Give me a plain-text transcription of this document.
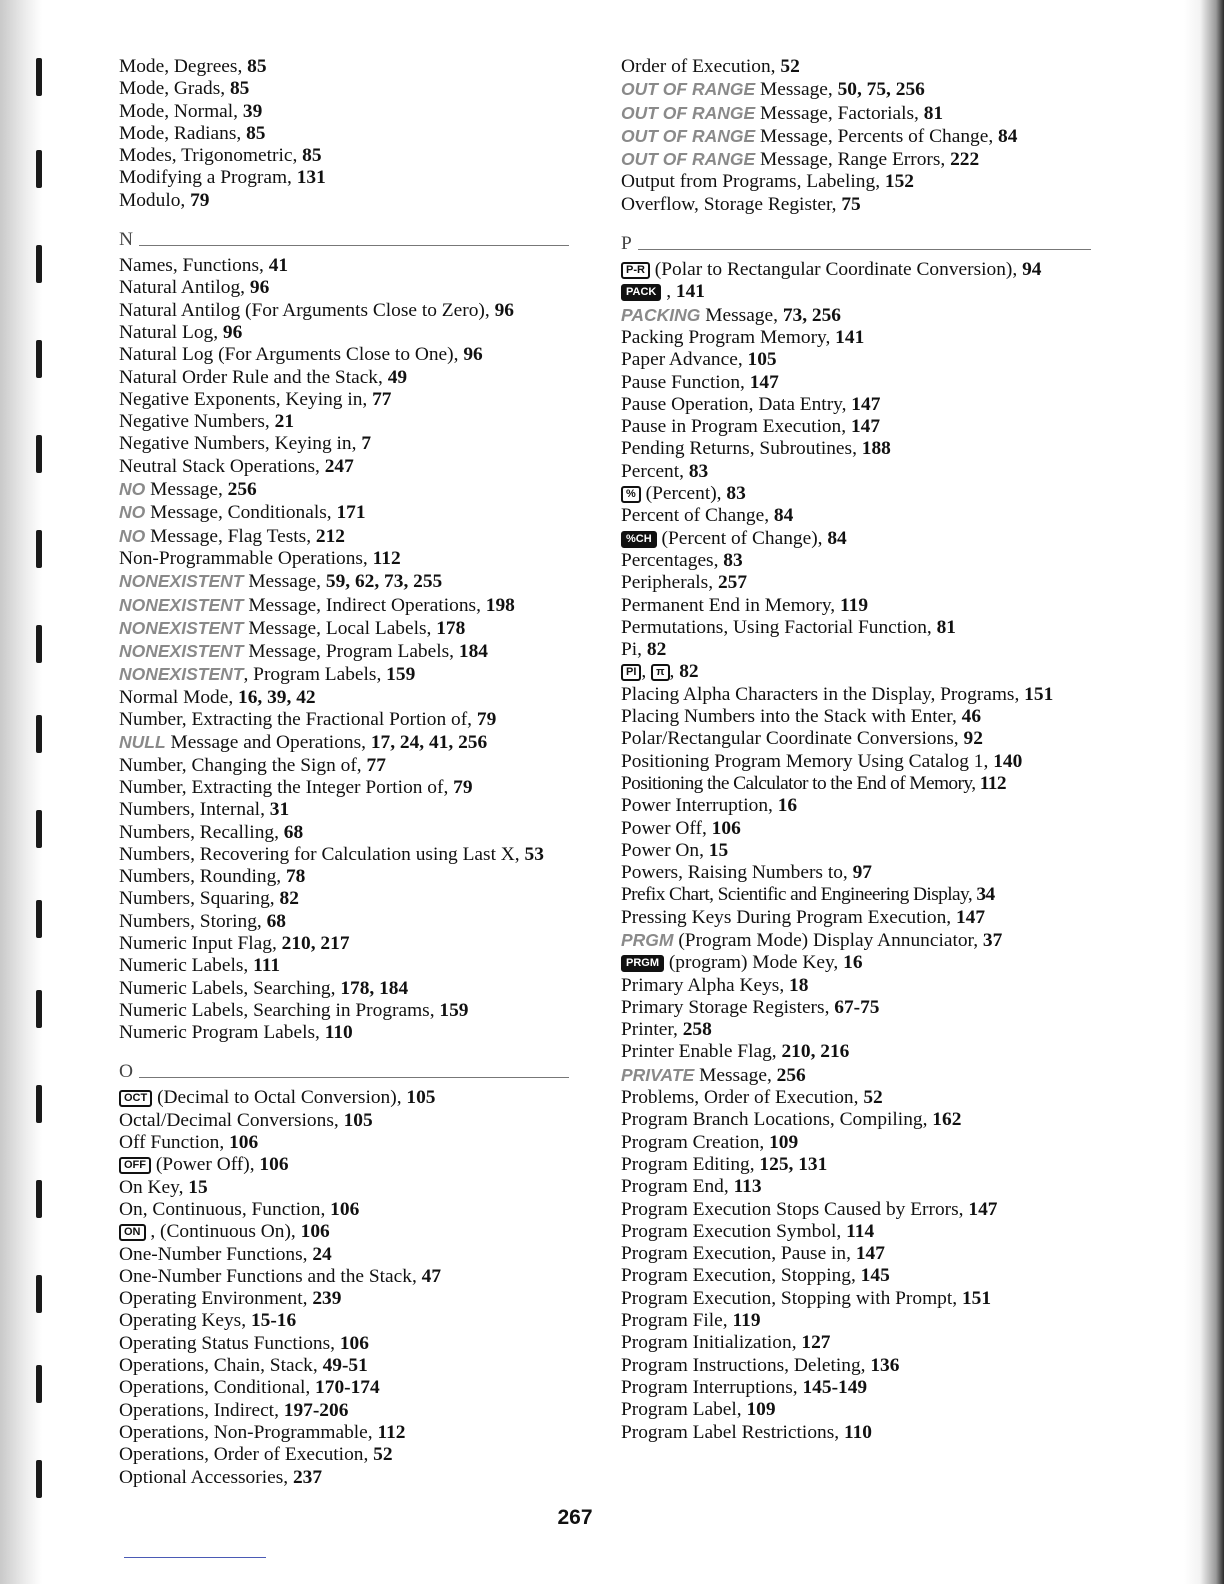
Mode, Degrees, 85
Mode, Grads, 85
Mode, Normal, 39
Mode, Radians, 85
Modes, Trigonometric, 85
Modifying a Program, 131
Modulo, 79
N
Names, Functions, 41
Natural Antilog, 96
Natural Antilog (For Arguments Close to Zero), 96
Natural Log, 96
Natural Log (For Arguments Close to One), 96
Natural Order Rule and the Stack, 49
Negative Exponents, Keying in, 77
Negative Numbers, 21
Negative Numbers, Keying in, 7
Neutral Stack Operations, 247
NO Message, 256
NO Message, Conditionals, 171
NO Message, Flag Tests, 212
Non-Programmable Operations, 112
NONEXISTENT Message, 59, 62, 73, 255
NONEXISTENT Message, Indirect Operations, 198
NONEXISTENT Message, Local Labels, 178
NONEXISTENT Message, Program Labels, 184
NONEXISTENT, Program Labels, 159
Normal Mode, 16, 39, 42
Number, Extracting the Fractional Portion of, 79
NULL Message and Operations, 17, 24, 41, 256
Number, Changing the Sign of, 77
Number, Extracting the Integer Portion of, 79
Numbers, Internal, 31
Numbers, Recalling, 68
Numbers, Recovering for Calculation using Last X, 53
Numbers, Rounding, 78
Numbers, Squaring, 82
Numbers, Storing, 68
Numeric Input Flag, 210, 217
Numeric Labels, 111
Numeric Labels, Searching, 178, 184
Numeric Labels, Searching in Programs, 159
Numeric Program Labels, 110
O
OCT (Decimal to Octal Conversion), 105
Octal/Decimal Conversions, 105
Off Function, 106
OFF (Power Off), 106
On Key, 15
On, Continuous, Function, 106
ON , (Continuous On), 106
One-Number Functions, 24
One-Number Functions and the Stack, 47
Operating Environment, 239
Operating Keys, 15-16
Operating Status Functions, 106
Operations, Chain, Stack, 49-51
Operations, Conditional, 170-174
Operations, Indirect, 197-206
Operations, Non-Programmable, 112
Operations, Order of Execution, 52
Optional Accessories, 237
Order of Execution, 52
OUT OF RANGE Message, 50, 75, 256
OUT OF RANGE Message, Factorials, 81
OUT OF RANGE Message, Percents of Change, 84
OUT OF RANGE Message, Range Errors, 222
Output from Programs, Labeling, 152
Overflow, Storage Register, 75
P
P-R (Polar to Rectangular Coordinate Conversion), 94
PACK , 141
PACKING Message, 73, 256
Packing Program Memory, 141
Paper Advance, 105
Pause Function, 147
Pause Operation, Data Entry, 147
Pause in Program Execution, 147
Pending Returns, Subroutines, 188
Percent, 83
% (Percent), 83
Percent of Change, 84
%CH (Percent of Change), 84
Percentages, 83
Peripherals, 257
Permanent End in Memory, 119
Permutations, Using Factorial Function, 81
Pi, 82
PI , π , 82
Placing Alpha Characters in the Display, Programs, 151
Placing Numbers into the Stack with Enter, 46
Polar/Rectangular Coordinate Conversions, 92
Positioning Program Memory Using Catalog 1, 140
Positioning the Calculator to the End of Memory, 112
Power Interruption, 16
Power Off, 106
Power On, 15
Powers, Raising Numbers to, 97
Prefix Chart, Scientific and Engineering Display, 34
Pressing Keys During Program Execution, 147
PRGM (Program Mode) Display Annunciator, 37
PRGM (program) Mode Key, 16
Primary Alpha Keys, 18
Primary Storage Registers, 67-75
Printer, 258
Printer Enable Flag, 210, 216
PRIVATE Message, 256
Problems, Order of Execution, 52
Program Branch Locations, Compiling, 162
Program Creation, 109
Program Editing, 125, 131
Program End, 113
Program Execution Stops Caused by Errors, 147
Program Execution Symbol, 114
Program Execution, Pause in, 147
Program Execution, Stopping, 145
Program Execution, Stopping with Prompt, 151
Program File, 119
Program Initialization, 127
Program Instructions, Deleting, 136
Program Interruptions, 145-149
Program Label, 109
Program Label Restrictions, 110
267
